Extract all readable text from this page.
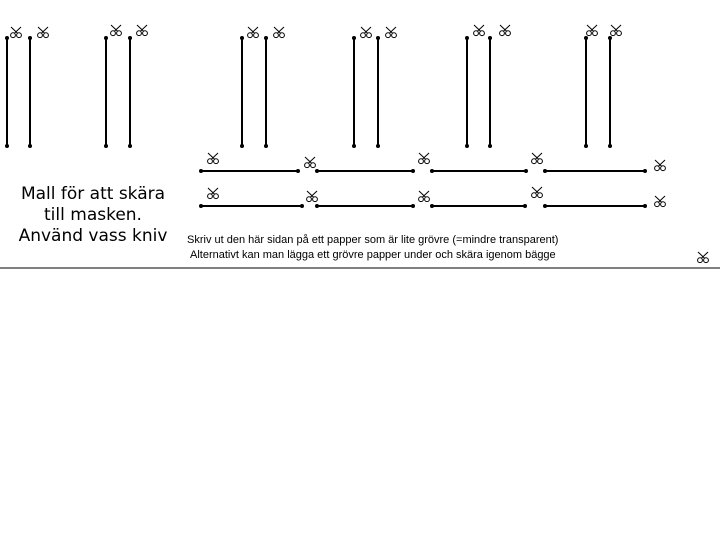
Mall för att skära
till masken.
Använd vass kniv	Skriv ut den här sidan på ett papper som är lite grövre (=mindre transparent)
Alternativt kan man lägga ett grövre papper under och skära igenom bägge
